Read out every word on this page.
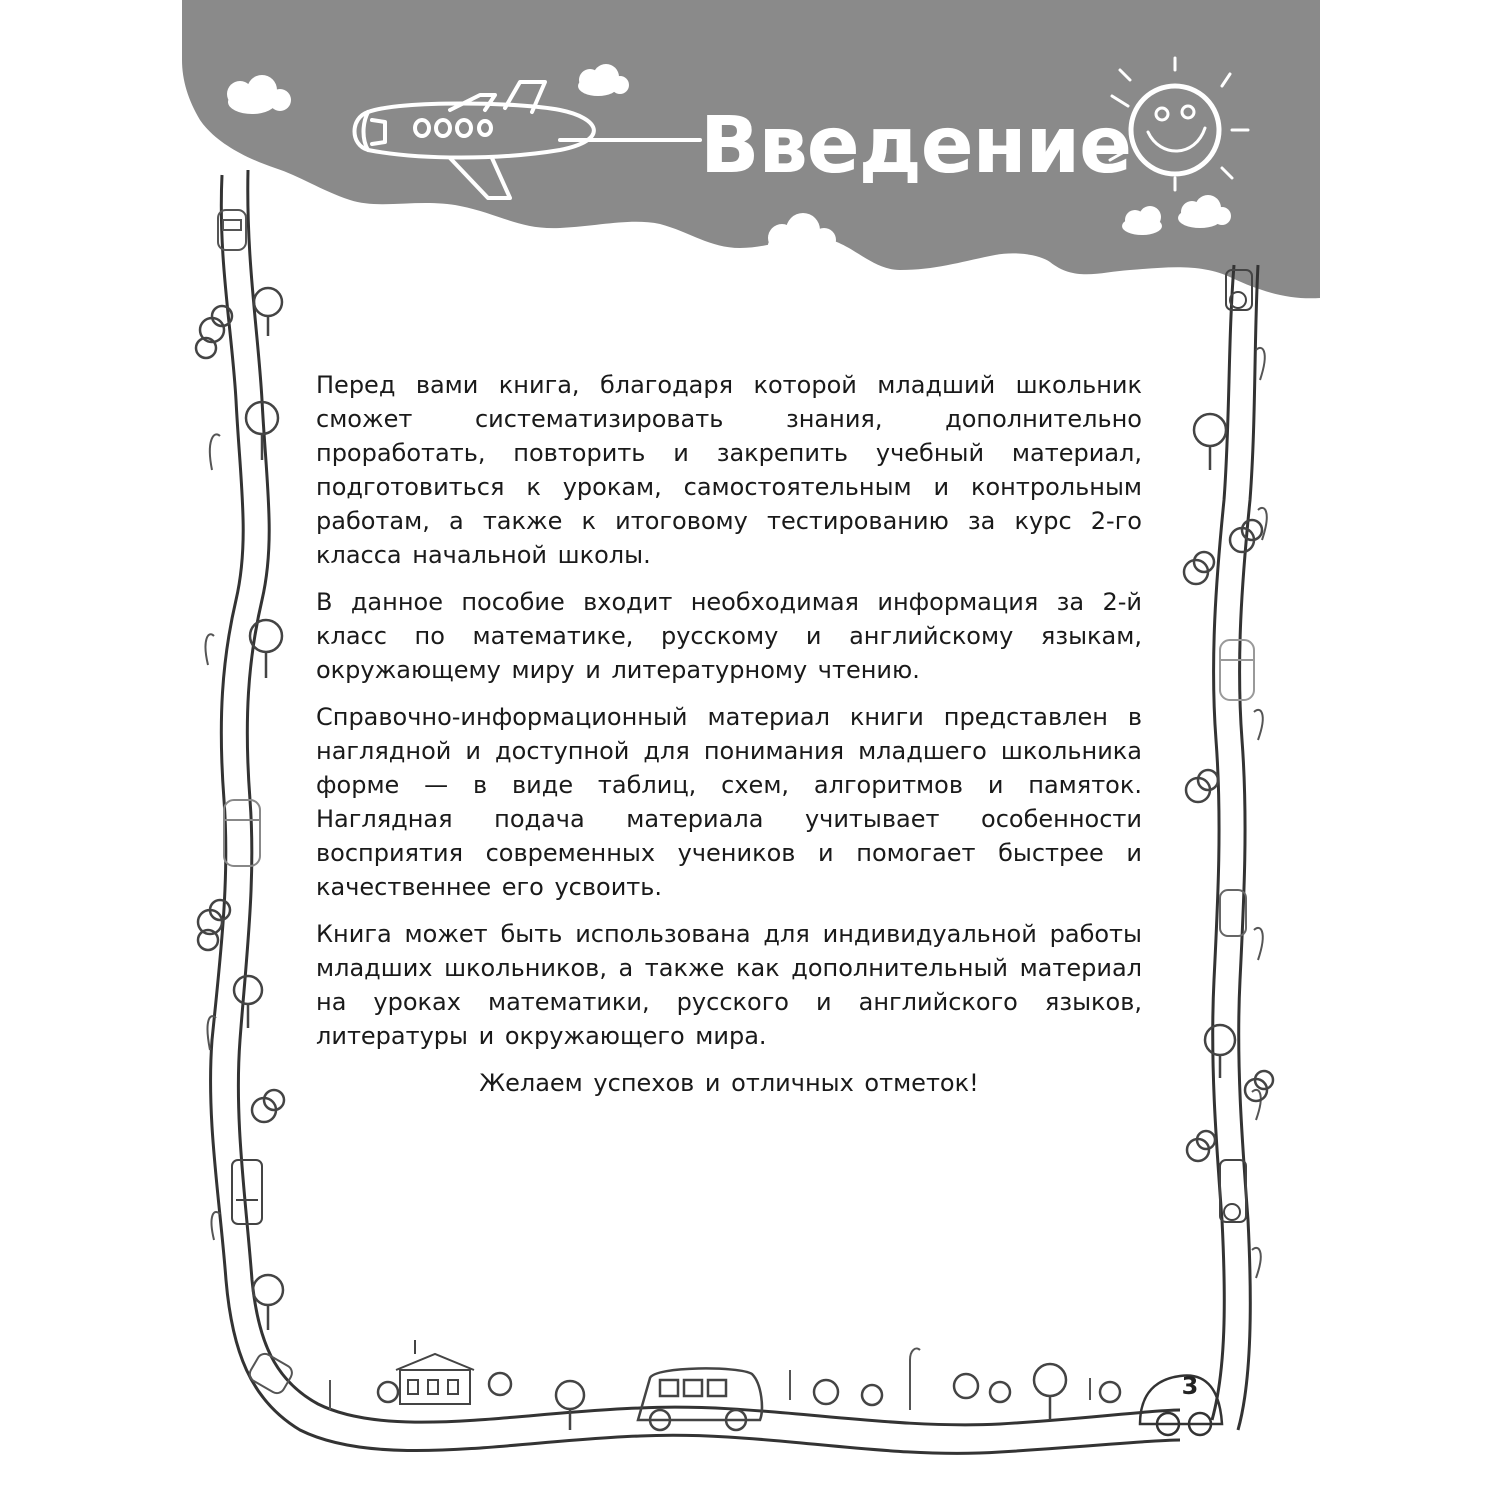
Введение

Перед вами книга, благодаря которой младший школьник сможет систематизировать знания, дополнительно проработать, повторить и закрепить учебный материал, подготовиться к урокам, самостоятельным и контрольным работам, а также к итоговому тестированию за курс 2-го класса начальной школы.

В данное пособие входит необходимая информация за 2-й класс по математике, русскому и английскому языкам, окружающему миру и литературному чтению.

Справочно-информационный материал книги представлен в наглядной и доступной для понимания младшего школьника форме — в виде таблиц, схем, алгоритмов и памяток. Наглядная подача материала учитывает особенности восприятия современных учеников и помогает быстрее и качественнее его усвоить.

Книга может быть использована для индивидуальной работы младших школьников, а также как дополнительный материал на уроках математики, русского и английского языков, литературы и окружающего мира.

Желаем успехов и отличных отметок!

3
